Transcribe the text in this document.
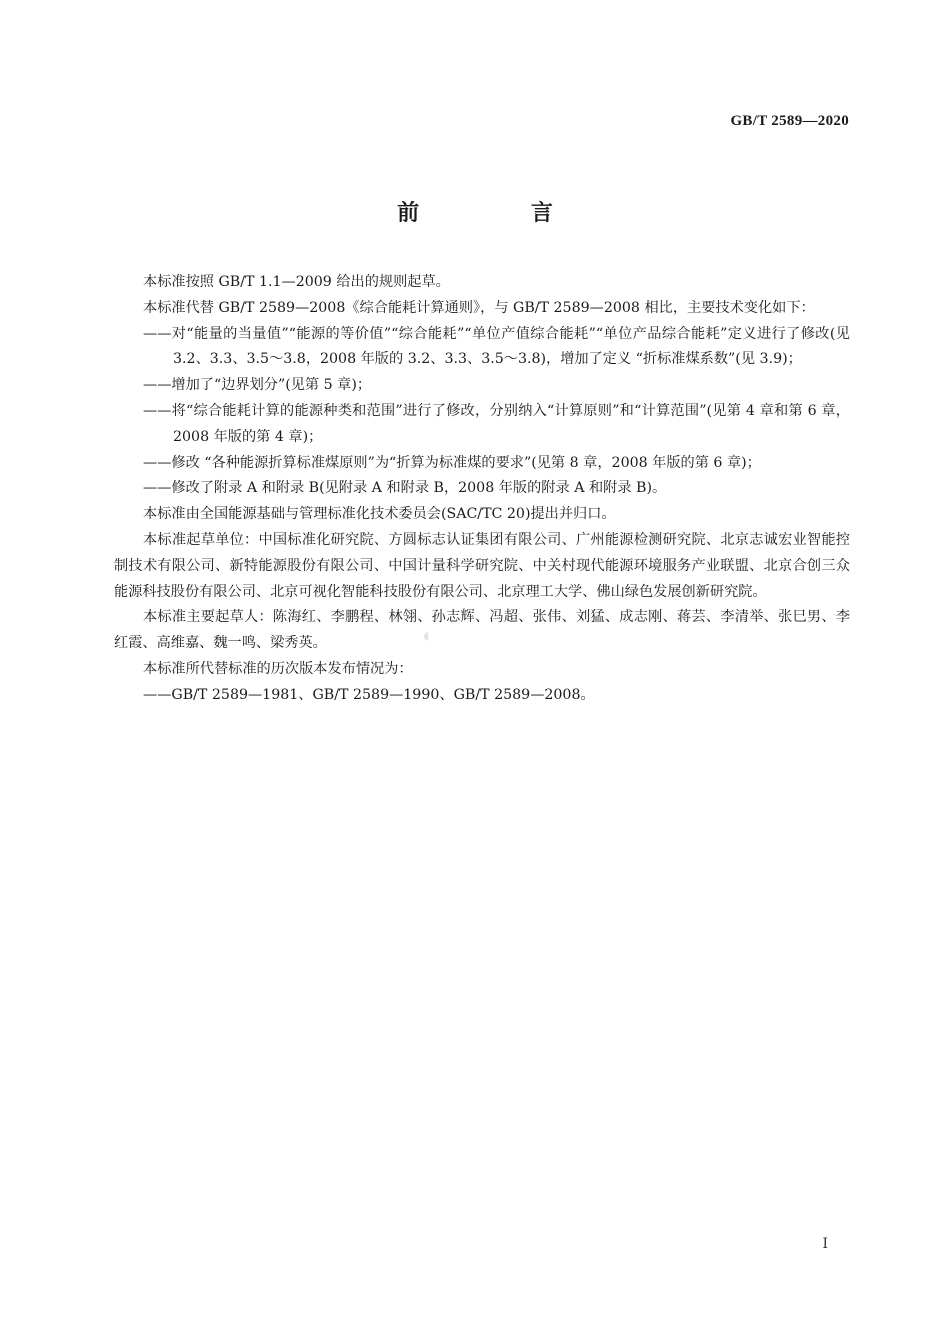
GB/T 2589—2020
前 言

本标准按照 GB/T 1.1—2009 给出的规则起草。

本标准代替 GB/T 2589—2008《综合能耗计算通则》，与 GB/T 2589—2008 相比，主要技术变化如下：

——对“能量的当量值”“能源的等价值”“综合能耗”“单位产值综合能耗”“单位产品综合能耗”定义进行了修改(见 3.2、3.3、3.5～3.8，2008 年版的 3.2、3.3、3.5～3.8)，增加了定义 “折标准煤系数”(见 3.9)；

——增加了“边界划分”(见第 5 章)；

——将“综合能耗计算的能源种类和范围”进行了修改，分别纳入“计算原则”和“计算范围”(见第 4 章和第 6 章，2008 年版的第 4 章)；

——修改 “各种能源折算标准煤原则”为“折算为标准煤的要求”(见第 8 章，2008 年版的第 6 章)；

——修改了附录 A 和附录 B(见附录 A 和附录 B，2008 年版的附录 A 和附录 B)。

本标准由全国能源基础与管理标准化技术委员会(SAC/TC 20)提出并归口。

本标准起草单位：中国标准化研究院、方圆标志认证集团有限公司、广州能源检测研究院、北京志诚宏业智能控制技术有限公司、新特能源股份有限公司、中国计量科学研究院、中关村现代能源环境服务产业联盟、北京合创三众能源科技股份有限公司、北京可视化智能科技股份有限公司、北京理工大学、佛山绿色发展创新研究院。

本标准主要起草人：陈海红、李鹏程、林翎、孙志辉、冯超、张伟、刘猛、成志刚、蒋芸、李清举、张巳男、李红霞、高维嘉、魏一鸣、梁秀英。

本标准所代替标准的历次版本发布情况为：

——GB/T 2589—1981、GB/T 2589—1990、GB/T 2589—2008。

◖
I
